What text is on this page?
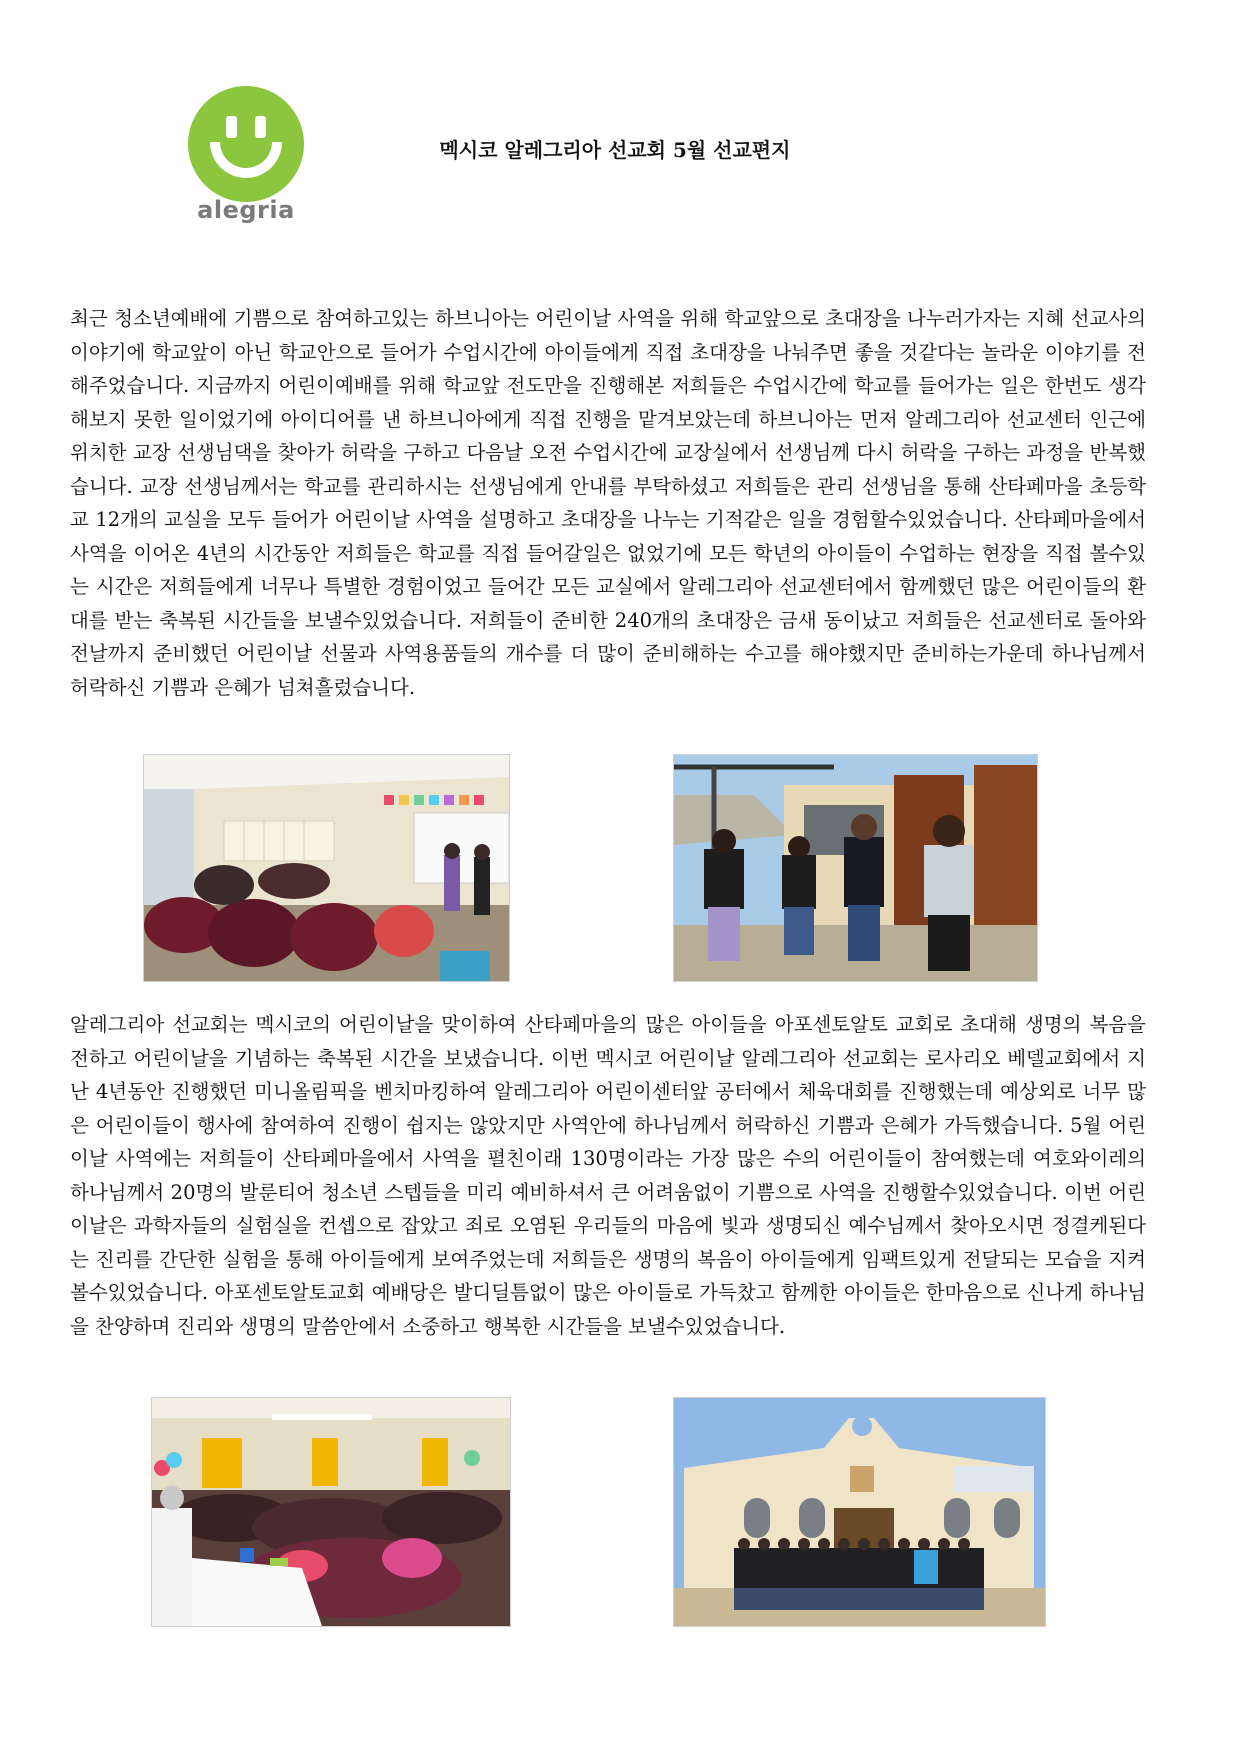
alegria
멕시코 알레그리아 선교회 5월 선교편지

최근 청소년예배에 기쁨으로 참여하고있는 하브니아는 어린이날 사역을 위해 학교앞으로 초대장을 나누러가자는 지혜 선교사의 이야기에 학교앞이 아닌 학교안으로 들어가 수업시간에 아이들에게 직접 초대장을 나눠주면 좋을 것같다는 놀라운 이야기를 전해주었습니다. 지금까지 어린이예배를 위해 학교앞 전도만을 진행해본 저희들은 수업시간에 학교를 들어가는 일은 한번도 생각해보지 못한 일이었기에 아이디어를 낸 하브니아에게 직접 진행을 맡겨보았는데 하브니아는 먼저 알레그리아 선교센터 인근에 위치한 교장 선생님댁을 찾아가 허락을 구하고 다음날 오전 수업시간에 교장실에서 선생님께 다시 허락을 구하는 과정을 반복했습니다. 교장 선생님께서는 학교를 관리하시는 선생님에게 안내를 부탁하셨고 저희들은 관리 선생님을 통해 산타페마을 초등학교 12개의 교실을 모두 들어가 어린이날 사역을 설명하고 초대장을 나누는 기적같은 일을 경험할수있었습니다. 산타페마을에서 사역을 이어온 4년의 시간동안 저희들은 학교를 직접 들어갈일은 없었기에 모든 학년의 아이들이 수업하는 현장을 직접 볼수있는 시간은 저희들에게 너무나 특별한 경험이었고 들어간 모든 교실에서 알레그리아 선교센터에서 함께했던 많은 어린이들의 환대를 받는 축복된 시간들을 보낼수있었습니다. 저희들이 준비한 240개의 초대장은 금새 동이났고 저희들은 선교센터로 돌아와 전날까지 준비했던 어린이날 선물과 사역용품들의 개수를 더 많이 준비해하는 수고를 해야했지만 준비하는가운데 하나님께서 허락하신 기쁨과 은혜가 넘쳐흘렀습니다.

알레그리아 선교회는 멕시코의 어린이날을 맞이하여 산타페마을의 많은 아이들을 아포센토알토 교회로 초대해 생명의 복음을 전하고 어린이날을 기념하는 축복된 시간을 보냈습니다. 이번 멕시코 어린이날 알레그리아 선교회는 로사리오 베델교회에서 지난 4년동안 진행했던 미니올림픽을 벤치마킹하여 알레그리아 어린이센터앞 공터에서 체육대회를 진행했는데 예상외로 너무 많은 어린이들이 행사에 참여하여 진행이 쉽지는 않았지만 사역안에 하나님께서 허락하신 기쁨과 은혜가 가득했습니다. 5월 어린이날 사역에는 저희들이 산타페마을에서 사역을 펼친이래 130명이라는 가장 많은 수의 어린이들이 참여했는데 여호와이레의 하나님께서 20명의 발룬티어 청소년 스텝들을 미리 예비하셔서 큰 어려움없이 기쁨으로 사역을 진행할수있었습니다. 이번 어린이날은 과학자들의 실험실을 컨셉으로 잡았고 죄로 오염된 우리들의 마음에 빛과 생명되신 예수님께서 찾아오시면 정결케된다는 진리를 간단한 실험을 통해 아이들에게 보여주었는데 저희들은 생명의 복음이 아이들에게 임팩트있게 전달되는 모습을 지켜볼수있었습니다. 아포센토알토교회 예배당은 발디딜틈없이 많은 아이들로 가득찼고 함께한 아이들은 한마음으로 신나게 하나님을 찬양하며 진리와 생명의 말씀안에서 소중하고 행복한 시간들을 보낼수있었습니다.
